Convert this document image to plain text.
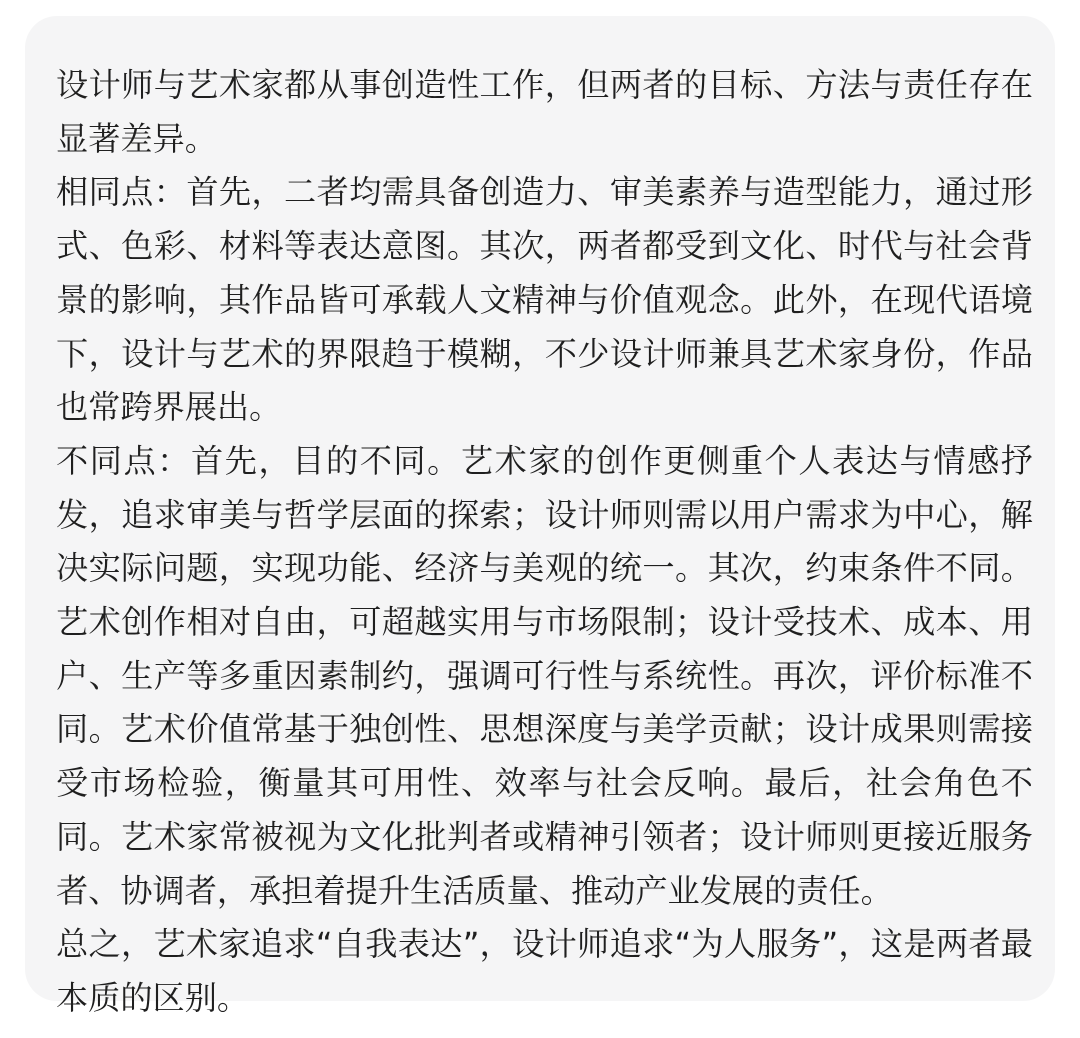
设计师与艺术家都从事创造性工作，但两者的目标、方法与责任存在显著差异。

相同点：首先，二者均需具备创造力、审美素养与造型能力，通过形式、色彩、材料等表达意图。其次，两者都受到文化、时代与社会背景的影响，其作品皆可承载人文精神与价值观念。此外，在现代语境下，设计与艺术的界限趋于模糊，不少设计师兼具艺术家身份，作品也常跨界展出。

不同点：首先，目的不同。艺术家的创作更侧重个人表达与情感抒发，追求审美与哲学层面的探索；设计师则需以用户需求为中心，解决实际问题，实现功能、经济与美观的统一。其次，约束条件不同。艺术创作相对自由，可超越实用与市场限制；设计受技术、成本、用户、生产等多重因素制约，强调可行性与系统性。再次，评价标准不同。艺术价值常基于独创性、思想深度与美学贡献；设计成果则需接受市场检验，衡量其可用性、效率与社会反响。最后，社会角色不同。艺术家常被视为文化批判者或精神引领者；设计师则更接近服务者、协调者，承担着提升生活质量、推动产业发展的责任。

总之，艺术家追求“自我表达”，设计师追求“为人服务”，这是两者最本质的区别。
